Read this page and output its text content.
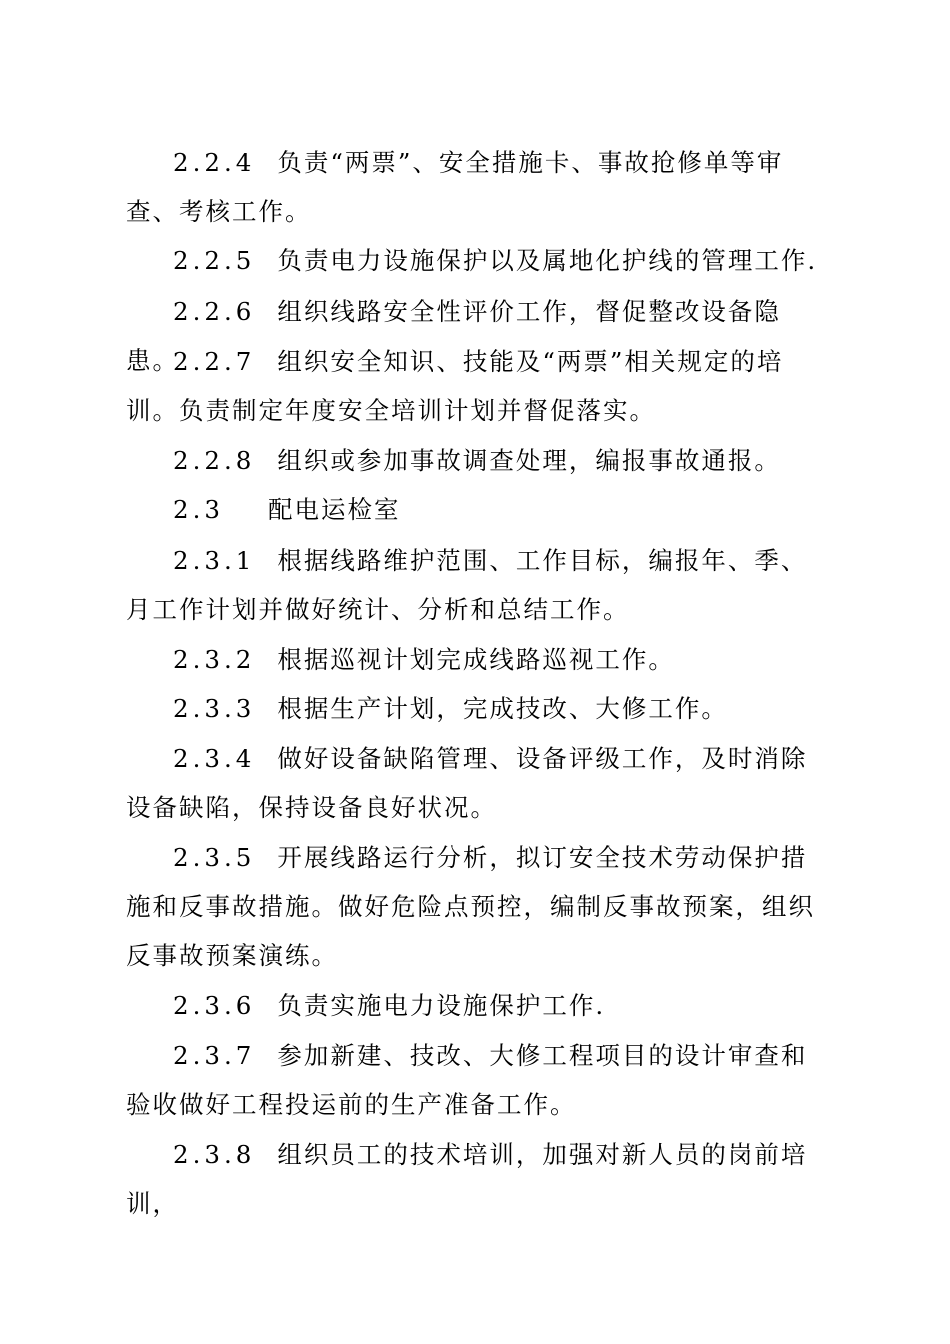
2.2.4 负责“两票”、安全措施卡、事故抢修单等审查、考核工作。

2.2.5 负责电力设施保护以及属地化护线的管理工作.

2.2.6 组织线路安全性评价工作，督促整改设备隐患。

2.2.7 组织安全知识、技能及“两票”相关规定的培训。负责制定年度安全培训计划并督促落实。

2.2.8 组织或参加事故调查处理，编报事故通报。

2.3 配电运检室

2.3.1 根据线路维护范围、工作目标，编报年、季、月工作计划并做好统计、分析和总结工作。

2.3.2 根据巡视计划完成线路巡视工作。

2.3.3 根据生产计划，完成技改、大修工作。

2.3.4 做好设备缺陷管理、设备评级工作，及时消除设备缺陷，保持设备良好状况。

2.3.5 开展线路运行分析，拟订安全技术劳动保护措施和反事故措施。做好危险点预控，编制反事故预案，组织反事故预案演练。

2.3.6 负责实施电力设施保护工作.

2.3.7 参加新建、技改、大修工程项目的设计审查和验收做好工程投运前的生产准备工作。

2.3.8 组织员工的技术培训，加强对新人员的岗前培训，
